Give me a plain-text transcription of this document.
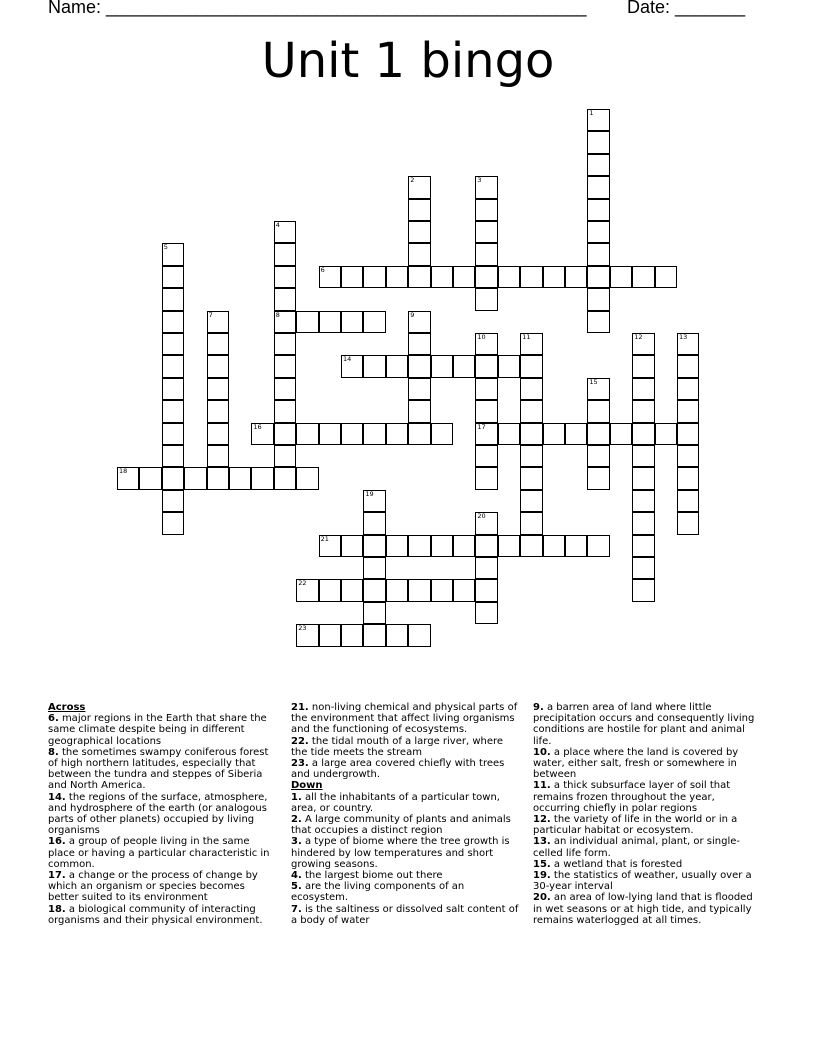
Name: ________________________________________________ Date: _______
Unit 1 bingo
1
2	3
4
8
5
6
7	9
10
17
11	12	13
14
15
16
18
19
20
21
22
23
Across
6. major regions in the Earth that share the same climate despite being in different geographical locations
8. the sometimes swampy coniferous forest of high northern latitudes, especially that between the tundra and steppes of Siberia and North America.
14. the regions of the surface, atmosphere, and hydrosphere of the earth (or analogous parts of other planets) occupied by living organisms
16. a group of people living in the same place or having a particular characteristic in common.
17. a change or the process of change by which an organism or species becomes better suited to its environment
18. a biological community of interacting organisms and their physical environment.
21. non-living chemical and physical parts of the environment that affect living organisms and the functioning of ecosystems.
22. the tidal mouth of a large river, where the tide meets the stream
23. a large area covered chiefly with trees and undergrowth.
Down
1. all the inhabitants of a particular town, area, or country.
2. A large community of plants and animals that occupies a distinct region
3. a type of biome where the tree growth is hindered by low temperatures and short growing seasons.
4. the largest biome out there
5. are the living components of an ecosystem.
7. is the saltiness or dissolved salt content of a body of water
9. a barren area of land where little precipitation occurs and consequently living conditions are hostile for plant and animal life.
10. a place where the land is covered by water, either salt, fresh or somewhere in between
11. a thick subsurface layer of soil that remains frozen throughout the year, occurring chiefly in polar regions
12. the variety of life in the world or in a particular habitat or ecosystem.
13. an individual animal, plant, or single-celled life form.
15. a wetland that is forested
19. the statistics of weather, usually over a 30-year interval
20. an area of low-lying land that is flooded in wet seasons or at high tide, and typically remains waterlogged at all times.
